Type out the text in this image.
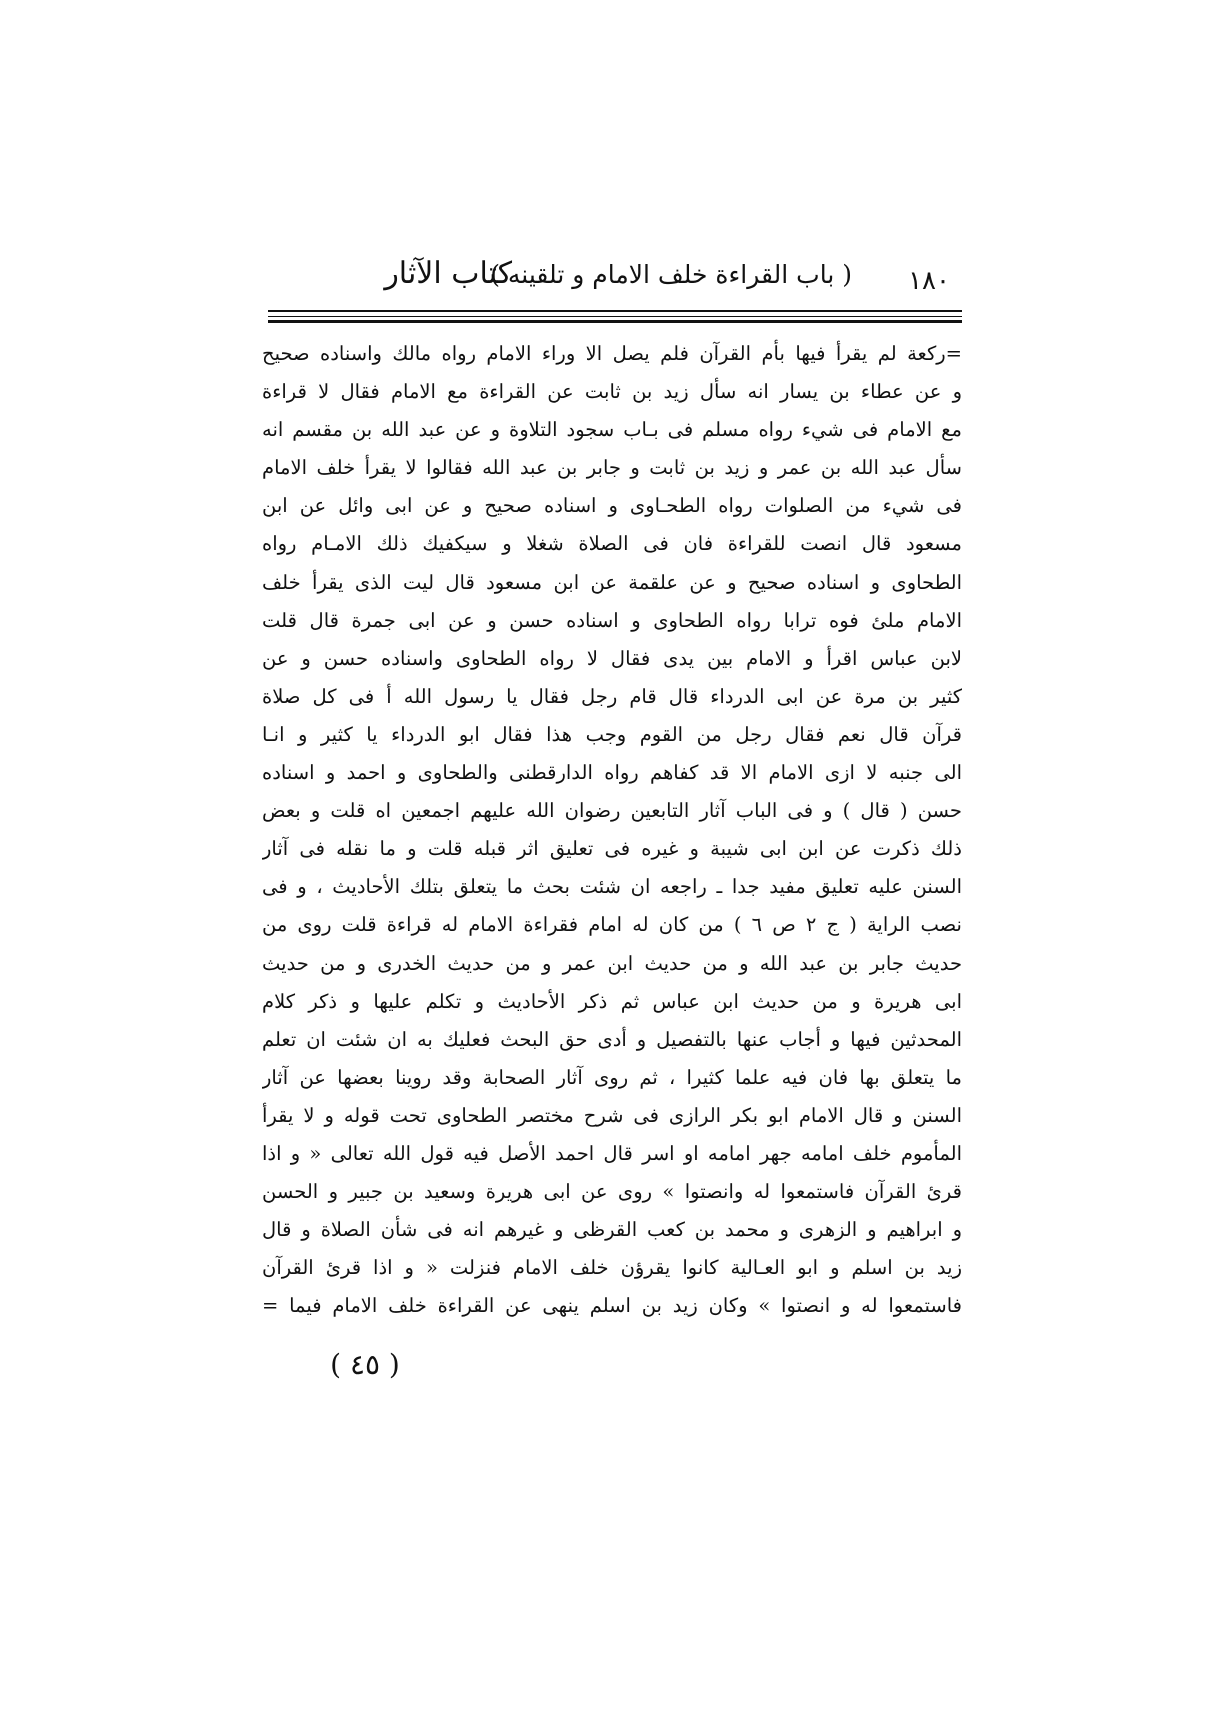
كتاب الآثار
( باب القراءة خلف الامام و تلقينه ) ١٨٠
=ركعة لم يقرأ فيها بأم القرآن فلم يصل الا وراء الامام رواه مالك واسناده صحيح
و عن عطاء بن يسار انه سأل زيد بن ثابت عن القراءة مع الامام فقال لا قراءة
مع الامام فى شيء رواه مسلم فى بـاب سجود التلاوة و عن عبد الله بن مقسم انه
سأل عبد الله بن عمر و زيد بن ثابت و جابر بن عبد الله فقالوا لا يقرأ خلف الامام
فى شيء من الصلوات رواه الطحـاوى و اسناده صحيح و عن ابى وائل عن ابن
مسعود قال انصت للقراءة فان فى الصلاة شغلا و سيكفيك ذلك الامـام رواه
الطحاوى و اسناده صحيح و عن علقمة عن ابن مسعود قال ليت الذى يقرأ خلف
الامام ملئ فوه ترابا رواه الطحاوى و اسناده حسن و عن ابى جمرة قال قلت
لابن عباس اقرأ و الامام بين يدى فقال لا رواه الطحاوى واسناده حسن و عن
كثير بن مرة عن ابى الدرداء قال قام رجل فقال يا رسول الله أ فى كل صلاة
قرآن قال نعم فقال رجل من القوم وجب هذا فقال ابو الدرداء يا كثير و انـا
الى جنبه لا ازى الامام الا قد كفاهم رواه الدارقطنى والطحاوى و احمد و اسناده
حسن ( قال ) و فى الباب آثار التابعين رضوان الله عليهم اجمعين اه قلت و بعض
ذلك ذكرت عن ابن ابى شيبة و غيره فى تعليق اثر قبله قلت و ما نقله فى آثار
السنن عليه تعليق مفيد جدا ـ راجعه ان شئت بحث ما يتعلق بتلك الأحاديث ، و فى
نصب الراية ( ج ٢ ص ٦ ) من كان له امام فقراءة الامام له قراءة قلت روى من
حديث جابر بن عبد الله و من حديث ابن عمر و من حديث الخدرى و من حديث
ابى هريرة و من حديث ابن عباس ثم ذكر الأحاديث و تكلم عليها و ذكر كلام
المحدثين فيها و أجاب عنها بالتفصيل و أدى حق البحث فعليك به ان شئت ان تعلم
ما يتعلق بها فان فيه علما كثيرا ، ثم روى آثار الصحابة وقد روينا بعضها عن آثار
السنن و قال الامام ابو بكر الرازى فى شرح مختصر الطحاوى تحت قوله و لا يقرأ
المأموم خلف امامه جهر امامه او اسر قال احمد الأصل فيه قول الله تعالى « و اذا
قرئ القرآن فاستمعوا له وانصتوا » روى عن ابى هريرة وسعيد بن جبير و الحسن
و ابراهيم و الزهرى و محمد بن كعب القرظى و غيرهم انه فى شأن الصلاة و قال
زيد بن اسلم و ابو العـالية كانوا يقرؤن خلف الامام فنزلت « و اذا قرئ القرآن
فاستمعوا له و انصتوا » وكان زيد بن اسلم ينهى عن القراءة خلف الامام فيما =
( ٤٥ )
